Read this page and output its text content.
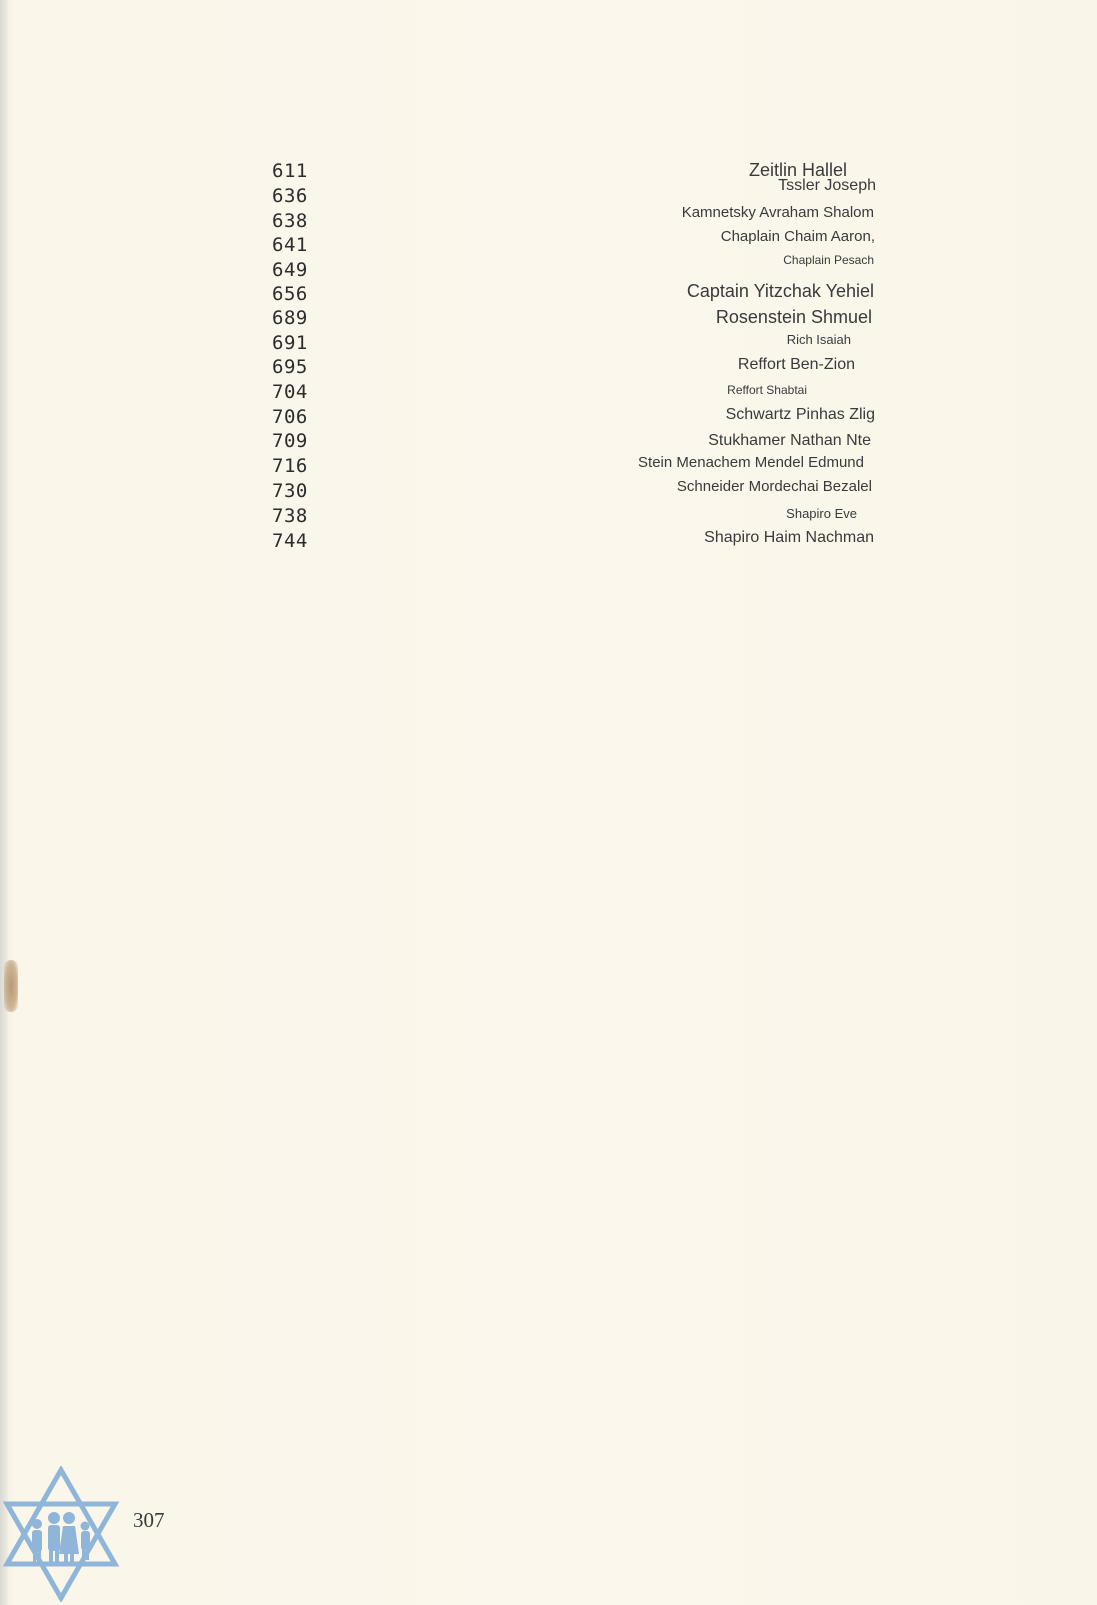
611	Zeitlin Hallel
636	Tssler Joseph
638	Kamnetsky Avraham Shalom
641	Chaplain Chaim Aaron,
649	Chaplain Pesach
656	Captain Yitzchak Yehiel
689	Rosenstein Shmuel
691	Rich Isaiah
695	Reffort Ben-Zion
704	Reffort Shabtai
706	Schwartz Pinhas Zlig
709	Stukhamer Nathan Nte
716	Stein Menachem Mendel Edmund
730	Schneider Mordechai Bezalel
738	Shapiro Eve
744	Shapiro Haim Nachman
307
